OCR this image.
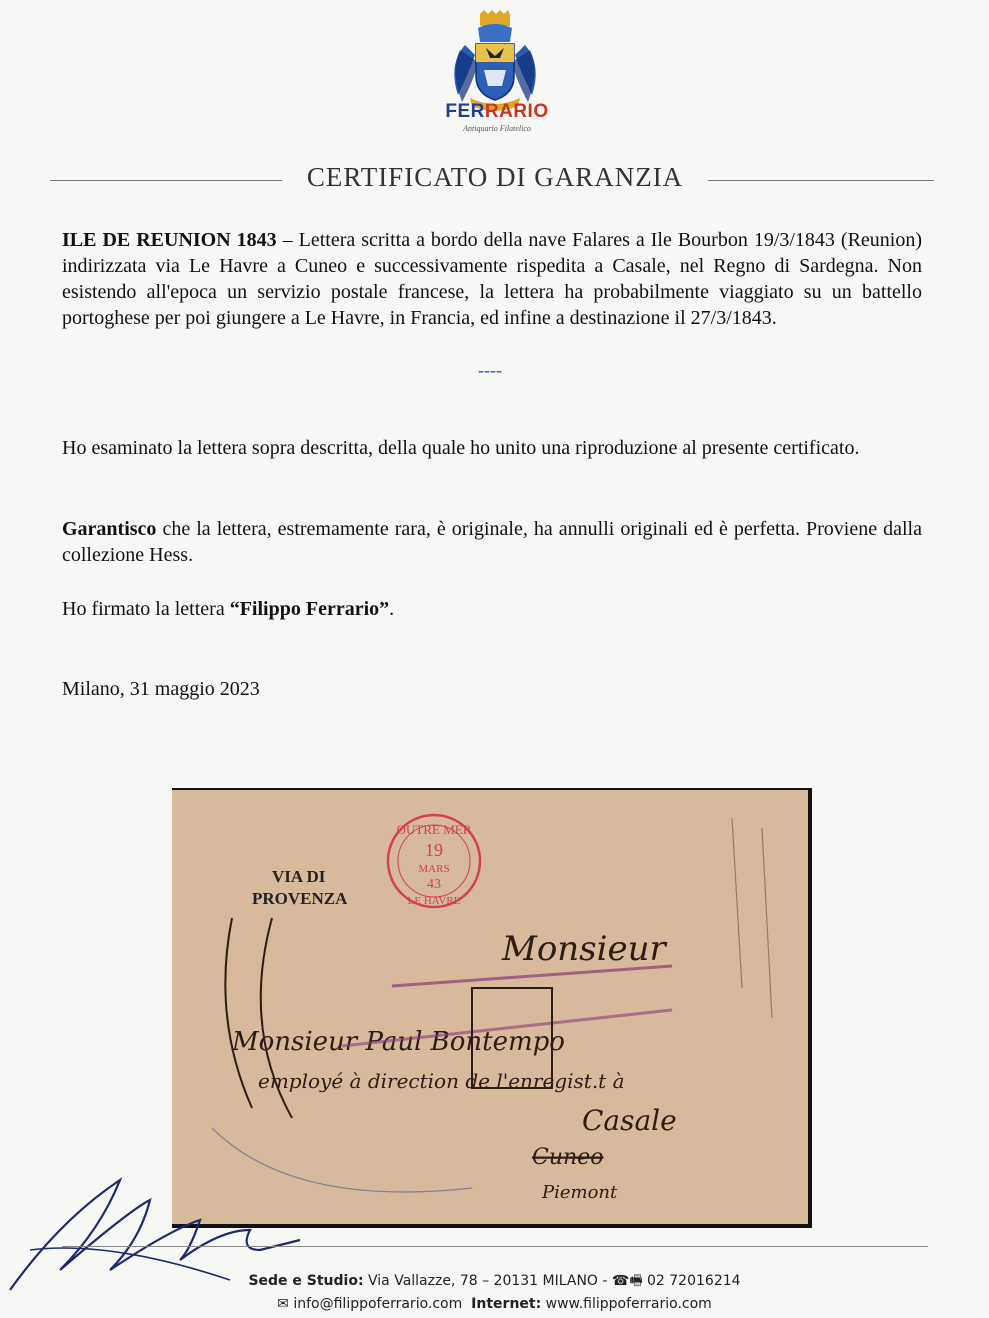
FERRARIO
Antiquario Filatelico
CERTIFICATO DI GARANZIA
ILE DE REUNION 1843 – Lettera scritta a bordo della nave Falares a Ile Bourbon 19/3/1843 (Reunion) indirizzata via Le Havre a Cuneo e successivamente rispedita a Casale, nel Regno di Sardegna. Non esistendo all'epoca un servizio postale francese, la lettera ha probabilmente viaggiato su un battello portoghese per poi giungere a Le Havre, in Francia, ed infine a destinazione il 27/3/1843.
----
Ho esaminato la lettera sopra descritta, della quale ho unito una riproduzione al presente certificato.
Garantisco che la lettera, estremamente rara, è originale, ha annulli originali ed è perfetta. Proviene dalla collezione Hess.
Ho firmato la lettera “Filippo Ferrario”.
Milano, 31 maggio 2023
OUTRE MER
19
MARS
43
LE HAVRE
VIA DI
PROVENZA
Monsieur
Monsieur Paul Bontempo
employé à direction de l'enregist.t à
Casale
Cuneo
Piemont
Sede e Studio: Via Vallazze, 78 – 20131 MILANO - ☎🖷 02 72016214
✉ info@filippoferrario.com Internet: www.filippoferrario.com
